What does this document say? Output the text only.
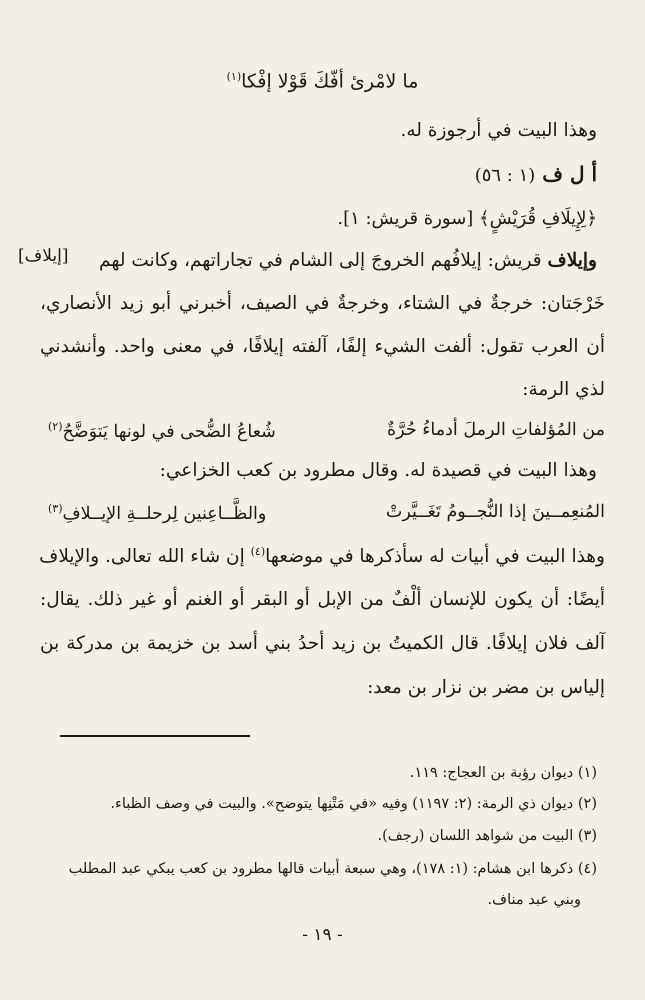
ما لامْرئ أفّكَ قَوْلا إفْكا$^{(١)}$
وهذا البيت في أرجوزة له.
أ ل ف (١ : ٥٦)
﴿لِإِيلَافِ قُرَيْشٍ﴾ [سورة قريش: ١].
[إيلاف]	وإيلاف قريش: إيلافُهم الخروجَ إلى الشام في تجاراتهم، وكانت لهم
خَرْجَتان: خرجةٌ في الشتاء، وخرجةٌ في الصيف، أخبرني أبو زيد الأنصاري،
أن العرب تقول: ألفت الشيء إلفًا، آلفته إيلافًا، في معنى واحد. وأنشدني
لذي الرمة:
من المُؤلفاتِ الرملَ أدماءُ حُرَّةٌ
شُعاعُ الضُّحى في لونها يَتوَضَّحُ$^{(٢)}$
وهذا البيت في قصيدة له. وقال مطرود بن كعب الخزاعي:
المُنعِمــينَ إذا النُّجــومُ تَغَــيَّرتْ
والظَّــاعِنين لِرحلــةِ الإيــلافِ$^{(٣)}$
وهذا البيت في أبيات له سأذكرها في موضعها$^{(٤)}$ إن شاء الله تعالى. والإيلاف
أيضًا: أن يكون للإنسان ألْفٌ من الإبل أو البقر أو الغنم أو غير ذلك. يقال:
آلف فلان إيلافًا. قال الكميتُ بن زيد أحدُ بني أسد بن خزيمة بن مدركة بن
إلياس بن مضر بن نزار بن معد:
(١) ديوان رؤبة بن العجاج: ١١٩.
(٢) ديوان ذي الرمة: (٢: ١١٩٧) وفيه «في مَتْنِها يتوضح». والبيت في وصف الظباء.
(٣) البيت من شواهد اللسان (رجف).
(٤) ذكرها ابن هشام: (١: ١٧٨)، وهي سبعة أبيات قالها مطرود بن كعب يبكي عبد المطلب
وبني عبد مناف.
- ١٩ -
